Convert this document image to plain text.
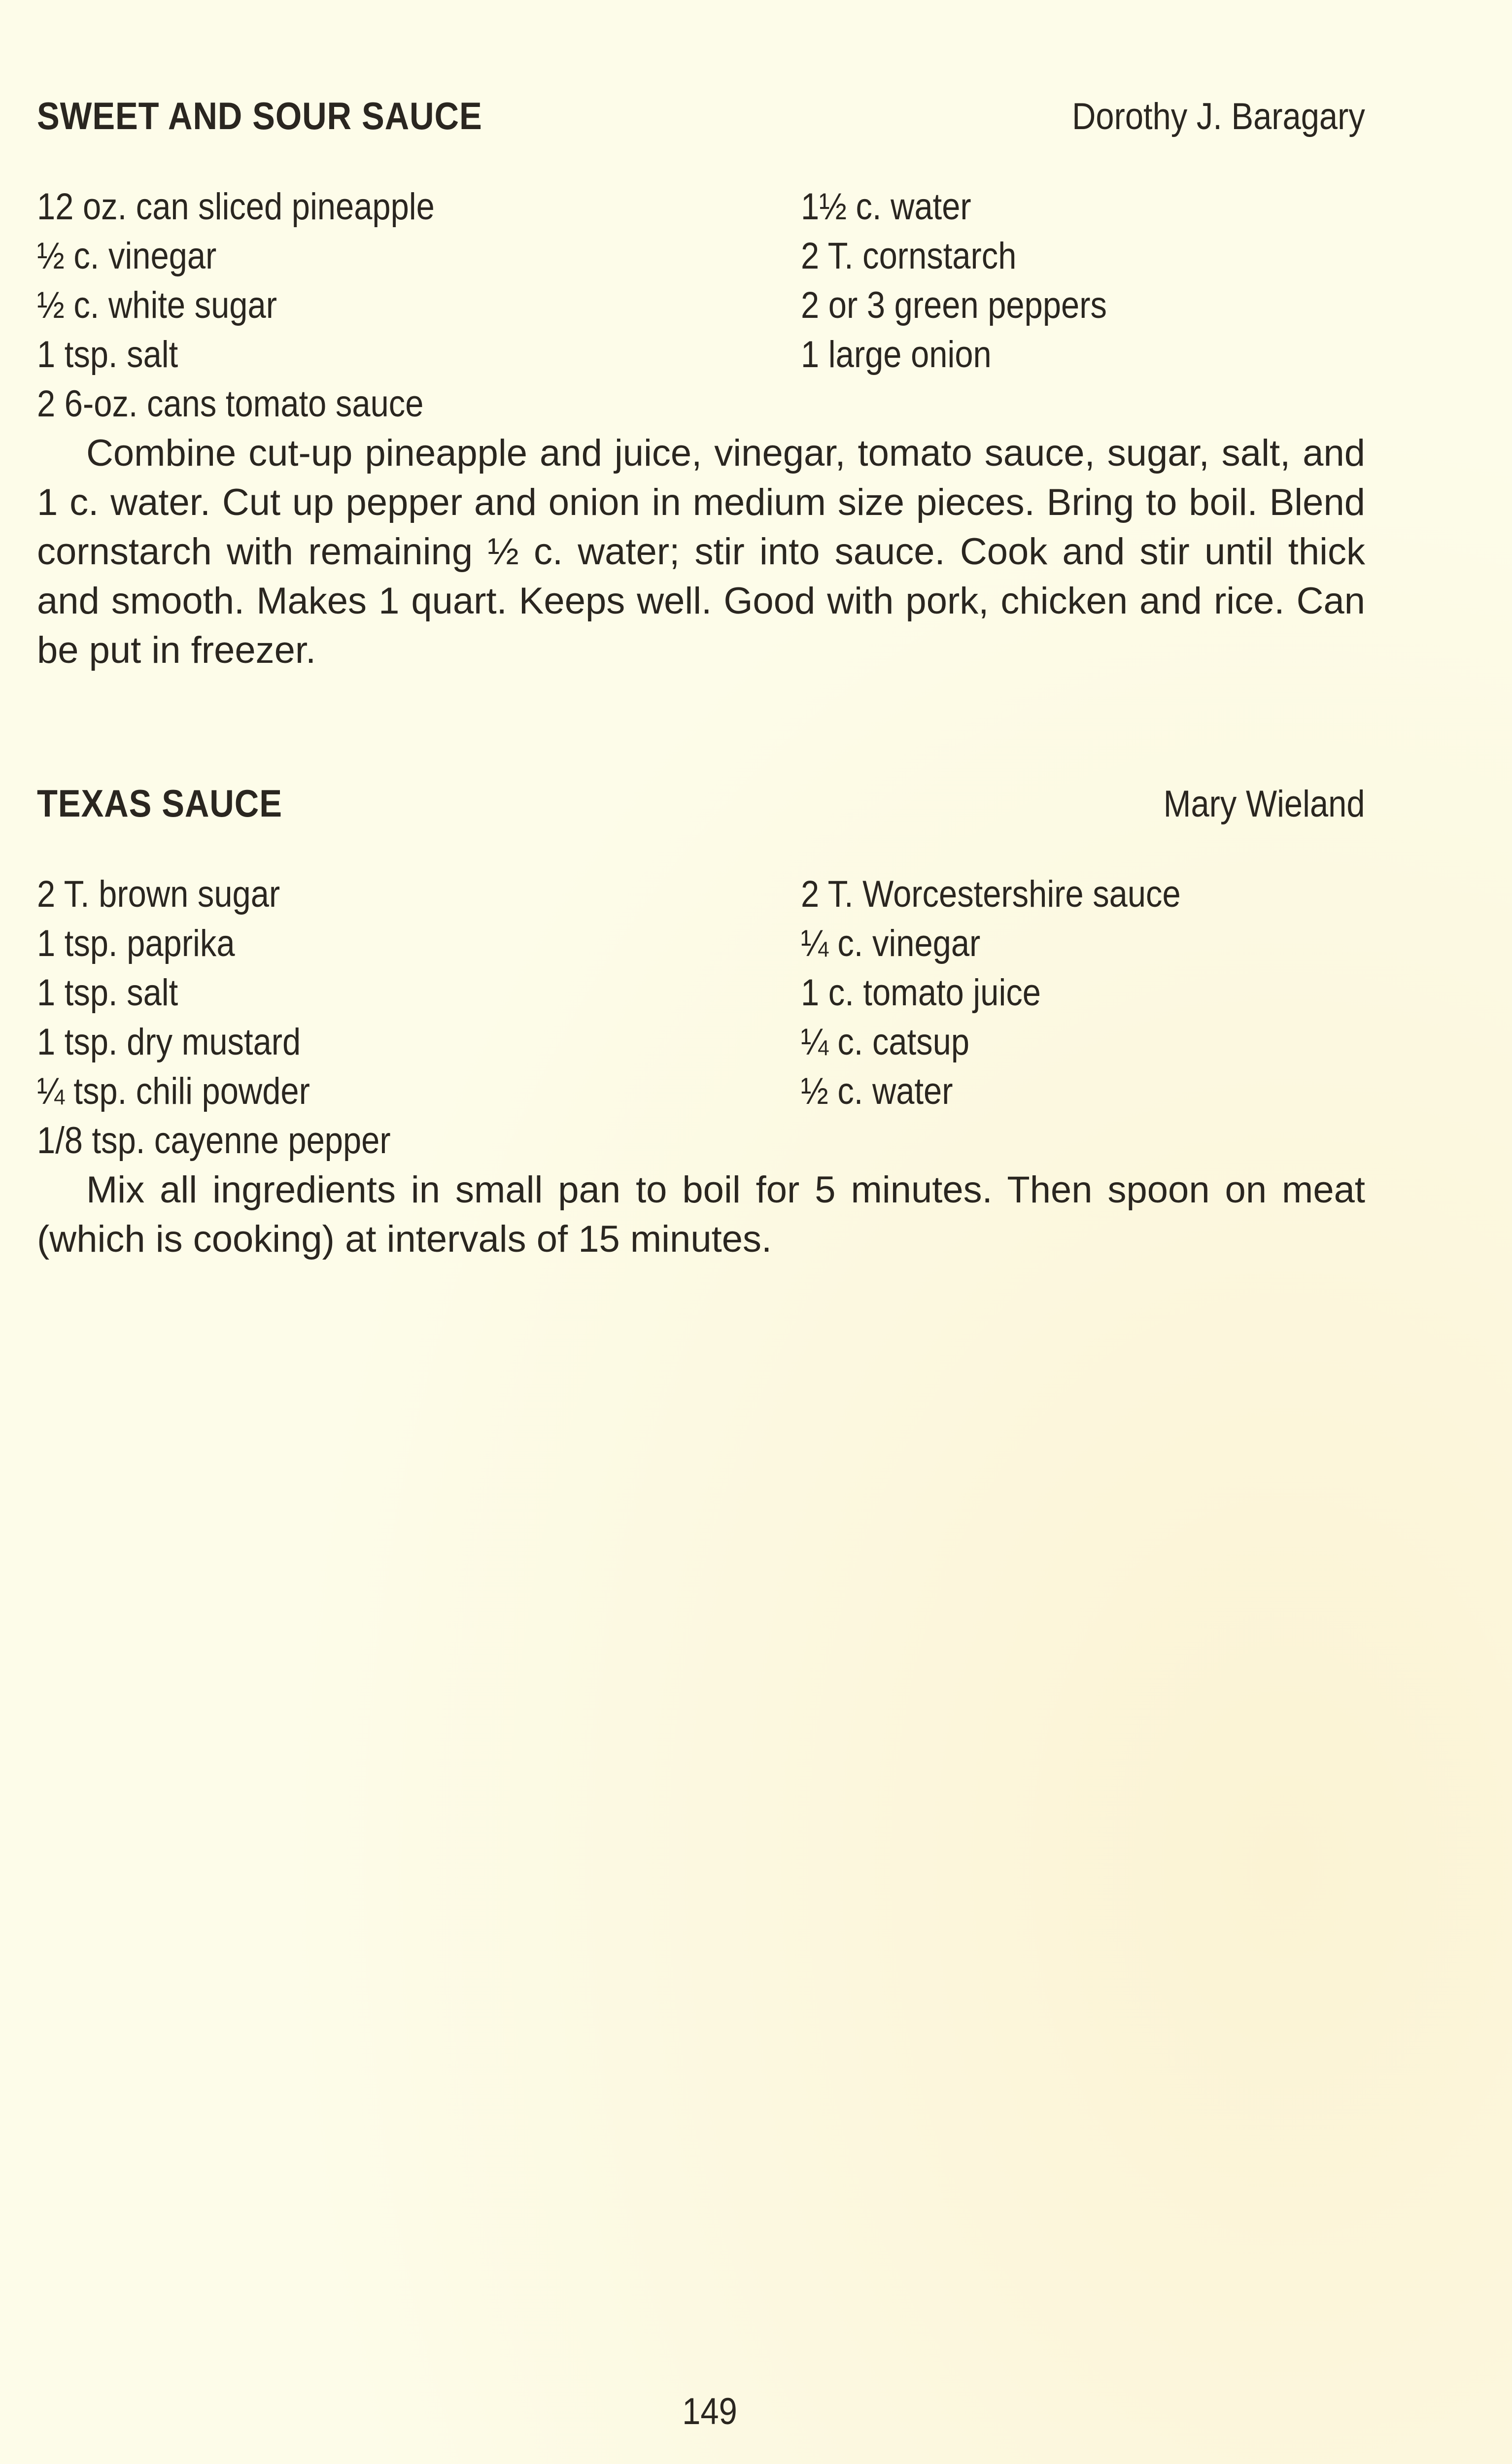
SWEET AND SOUR SAUCE	Dorothy J. Baragary
12 oz. can sliced pineapple
½ c. vinegar
½ c. white sugar
1 tsp. salt
2 6-oz. cans tomato sauce
1½ c. water
2 T. cornstarch
2 or 3 green peppers
1 large onion

Combine cut-up pineapple and juice, vinegar, tomato sauce, sugar, salt, and 1 c. water. Cut up pepper and onion in medium size pieces. Bring to boil. Blend cornstarch with remaining ½ c. water; stir into sauce. Cook and stir until thick and smooth. Makes 1 quart. Keeps well. Good with pork, chicken and rice. Can be put in freezer.

TEXAS SAUCE	Mary Wieland
2 T. brown sugar
1 tsp. paprika
1 tsp. salt
1 tsp. dry mustard
¼ tsp. chili powder
1/8 tsp. cayenne pepper
2 T. Worcestershire sauce
¼ c. vinegar
1 c. tomato juice
¼ c. catsup
½ c. water

Mix all ingredients in small pan to boil for 5 minutes. Then spoon on meat (which is cooking) at intervals of 15 minutes.

149
